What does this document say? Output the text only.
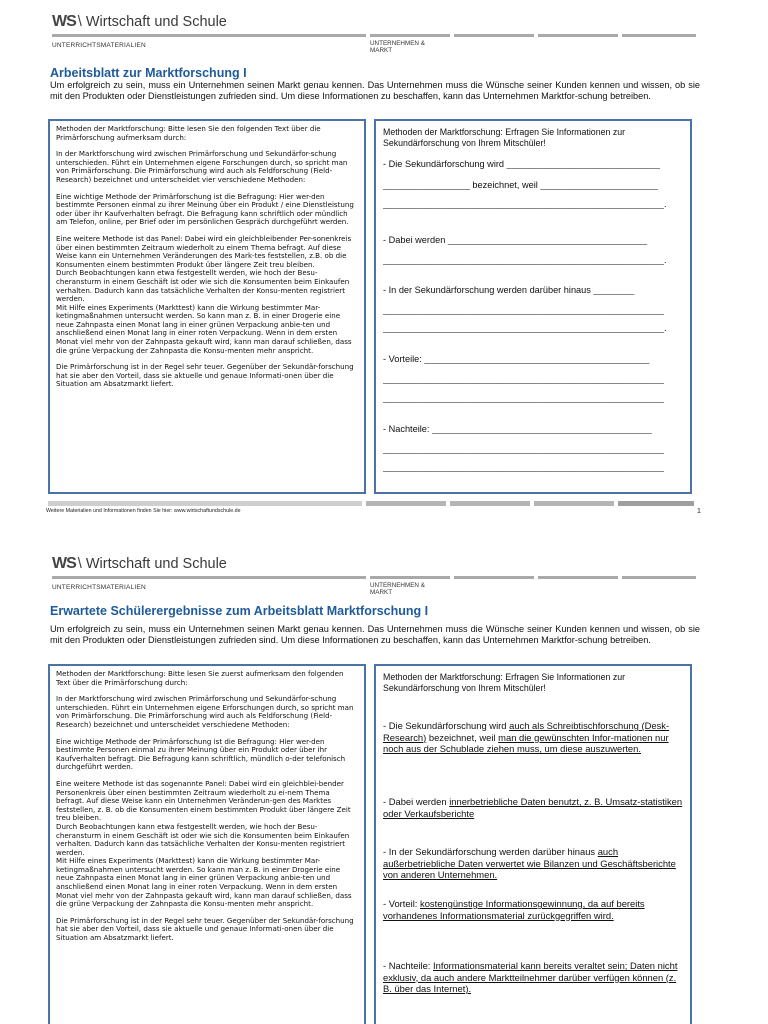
WS \ Wirtschaft und Schule
UNTERRICHTSMATERIALIEN	UNTERNEHMEN &
MARKT
Arbeitsblatt zur Marktforschung I
Um erfolgreich zu sein, muss ein Unternehmen seinen Markt genau kennen. Das Unternehmen muss die Wünsche seiner Kunden kennen und wissen, ob sie mit den Produkten oder Dienstleistungen zufrieden sind. Um diese Informationen zu beschaffen, kann das Unternehmen Marktfor-schung betreiben.

Methoden der Marktforschung: Bitte lesen Sie den folgenden Text über die Primärforschung aufmerksam durch:

In der Marktforschung wird zwischen Primärforschung und Sekundärfor-schung unterschieden. Führt ein Unternehmen eigene Forschungen durch, so spricht man von Primärforschung. Die Primärforschung wird auch als Feldforschung (Field-Research) bezeichnet und unterscheidet vier verschiedene Methoden:

Eine wichtige Methode der Primärforschung ist die Befragung: Hier wer-den bestimmte Personen einmal zu ihrer Meinung über ein Produkt / eine Dienstleistung oder über ihr Kaufverhalten befragt. Die Befragung kann schriftlich oder mündlich am Telefon, online, per Brief oder im persönlichen Gespräch durchgeführt werden.

Eine weitere Methode ist das Panel: Dabei wird ein gleichbleibender Per-sonenkreis über einen bestimmten Zeitraum wiederholt zu einem Thema befragt. Auf diese Weise kann ein Unternehmen Veränderungen des Mark-tes feststellen, z.B. ob die Konsumenten einem bestimmten Produkt über längere Zeit treu bleiben.

Durch Beobachtungen kann etwa festgestellt werden, wie hoch der Besu-cheransturm in einem Geschäft ist oder wie sich die Konsumenten beim Einkaufen verhalten. Dadurch kann das tatsächliche Verhalten der Konsu-menten registriert werden.

Mit Hilfe eines Experiments (Markttest) kann die Wirkung bestimmter Mar-ketingmaßnahmen untersucht werden. So kann man z. B. in einer Drogerie eine neue Zahnpasta einen Monat lang in einer grünen Verpackung anbie-ten und anschließend einen Monat lang in einer roten Verpackung. Wenn in dem ersten Monat viel mehr von der Zahnpasta gekauft wird, kann man darauf schließen, dass die grüne Verpackung der Zahnpasta die Konsu-menten mehr anspricht.

Die Primärforschung ist in der Regel sehr teuer. Gegenüber der Sekundär-forschung hat sie aber den Vorteil, dass sie aktuelle und genaue Informati-onen über die Situation am Absatzmarkt liefert.

Methoden der Marktforschung: Erfragen Sie Informationen zur Sekundärforschung von Ihrem Mitschüler!
- Die Sekundärforschung wird ______________________________
_________________ bezeichnet, weil _______________________
_______________________________________________________.
- Dabei werden _______________________________________
_______________________________________________________.
- In der Sekundärforschung werden darüber hinaus ________
_______________________________________________________
_______________________________________________________.
- Vorteile: ____________________________________________
_______________________________________________________
_______________________________________________________
- Nachteile: ___________________________________________
_______________________________________________________
_______________________________________________________
Weitere Materialien und Informationen finden Sie hier: www.wirtschaftundschule.de	1
WS \ Wirtschaft und Schule
UNTERRICHTSMATERIALIEN	UNTERNEHMEN &
MARKT
Erwartete Schülerergebnisse zum Arbeitsblatt Marktforschung I
Um erfolgreich zu sein, muss ein Unternehmen seinen Markt genau kennen. Das Unternehmen muss die Wünsche seiner Kunden kennen und wissen, ob sie mit den Produkten oder Dienstleistungen zufrieden sind. Um diese Informationen zu beschaffen, kann das Unternehmen Marktfor-schung betreiben.

Methoden der Marktforschung: Bitte lesen Sie zuerst aufmerksam den folgenden Text über die Primärforschung durch:

In der Marktforschung wird zwischen Primärforschung und Sekundärfor-schung unterschieden. Führt ein Unternehmen eigene Erforschungen durch, so spricht man von Primärforschung. Die Primärforschung wird auch als Feldforschung (Field-Research) bezeichnet und unterscheidet verschiedene Methoden:

Eine wichtige Methode der Primärforschung ist die Befragung: Hier wer-den bestimmte Personen einmal zu ihrer Meinung über ein Produkt oder über ihr Kaufverhalten befragt. Die Befragung kann schriftlich, mündlich o-der telefonisch durchgeführt werden.

Eine weitere Methode ist das sogenannte Panel: Dabei wird ein gleichblei-bender Personenkreis über einen bestimmten Zeitraum wiederholt zu ei-nem Thema befragt. Auf diese Weise kann ein Unternehmen Veränderun-gen des Marktes feststellen, z. B. ob die Konsumenten einem bestimmten Produkt über längere Zeit treu bleiben.

Durch Beobachtungen kann etwa festgestellt werden, wie hoch der Besu-cheransturm in einem Geschäft ist oder wie sich die Konsumenten beim Einkaufen verhalten. Dadurch kann das tatsächliche Verhalten der Konsu-menten registriert werden.

Mit Hilfe eines Experiments (Markttest) kann die Wirkung bestimmter Mar-ketingmaßnahmen untersucht werden. So kann man z. B. in einer Drogerie eine neue Zahnpasta einen Monat lang in einer grünen Verpackung anbie-ten und anschließend einen Monat lang in einer roten Verpackung. Wenn in dem ersten Monat viel mehr von der Zahnpasta gekauft wird, kann man darauf schließen, dass die grüne Verpackung der Zahnpasta die Konsu-menten mehr anspricht.

Die Primärforschung ist in der Regel sehr teuer. Gegenüber der Sekundär-forschung hat sie aber den Vorteil, dass sie aktuelle und genaue Informati-onen über die Situation am Absatzmarkt liefert.

Methoden der Marktforschung: Erfragen Sie Informationen zur Sekundärforschung von Ihrem Mitschüler!
- Die Sekundärforschung wird auch als Schreibtischforschung (Desk-Research) bezeichnet, weil man die gewünschten Infor-mationen nur noch aus der Schublade ziehen muss, um diese auszuwerten.
- Dabei werden innerbetriebliche Daten benutzt, z. B. Umsatz-statistiken oder Verkaufsberichte
- In der Sekundärforschung werden darüber hinaus auch außerbetriebliche Daten verwertet wie Bilanzen und Geschäftsberichte von anderen Unternehmen.
- Vorteil: kostengünstige Informationsgewinnung, da auf bereits vorhandenes Informationsmaterial zurückgegriffen wird.
- Nachteile: Informationsmaterial kann bereits veraltet sein; Daten nicht exklusiv, da auch andere Marktteilnehmer darüber verfügen können (z. B. über das Internet).
